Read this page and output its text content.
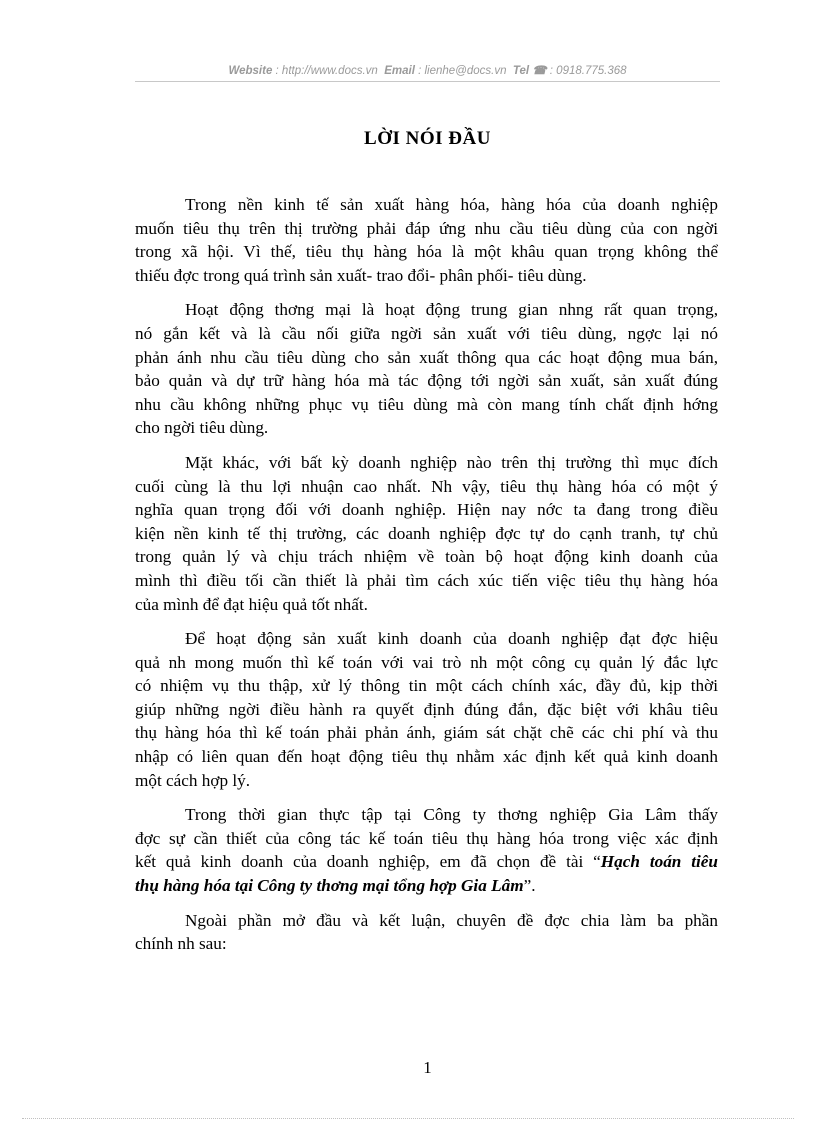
Website : http://www.docs.vn Email : lienhe@docs.vn Tel ☎ : 0918.775.368
LỜI NÓI ĐẦU
Trong nền kinh tế sản xuất hàng hóa, hàng hóa của doanh nghiệp
muốn tiêu thụ trên thị trường phải đáp ứng nhu cầu tiêu dùng của con ngời
trong xã hội. Vì thế, tiêu thụ hàng hóa là một khâu quan trọng không thể
thiếu đợc trong quá trình sản xuất- trao đổi- phân phối- tiêu dùng.
Hoạt động thơng mại là hoạt động trung gian nhng rất quan trọng,
nó gắn kết và là cầu nối giữa ngời sản xuất với tiêu dùng, ngợc lại nó
phản ánh nhu cầu tiêu dùng cho sản xuất thông qua các hoạt động mua bán,
bảo quản và dự trữ hàng hóa mà tác động tới ngời sản xuất, sản xuất đúng
nhu cầu không những phục vụ tiêu dùng mà còn mang tính chất định hớng
cho ngời tiêu dùng.
Mặt khác, với bất kỳ doanh nghiệp nào trên thị trường thì mục đích
cuối cùng là thu lợi nhuận cao nhất. Nh vậy, tiêu thụ hàng hóa có một ý
nghĩa quan trọng đối với doanh nghiệp. Hiện nay nớc ta đang trong điều
kiện nền kinh tế thị trường, các doanh nghiệp đợc tự do cạnh tranh, tự chủ
trong quản lý và chịu trách nhiệm về toàn bộ hoạt động kinh doanh của
mình thì điều tối cần thiết là phải tìm cách xúc tiến việc tiêu thụ hàng hóa
của mình để đạt hiệu quả tốt nhất.
Để hoạt động sản xuất kinh doanh của doanh nghiệp đạt đợc hiệu
quả nh mong muốn thì kế toán với vai trò nh một công cụ quản lý đắc lực
có nhiệm vụ thu thập, xử lý thông tin một cách chính xác, đầy đủ, kịp thời
giúp những ngời điều hành ra quyết định đúng đắn, đặc biệt với khâu tiêu
thụ hàng hóa thì kế toán phải phản ánh, giám sát chặt chẽ các chi phí và thu
nhập có liên quan đến hoạt động tiêu thụ nhằm xác định kết quả kinh doanh
một cách hợp lý.
Trong thời gian thực tập tại Công ty thơng nghiệp Gia Lâm thấy
đợc sự cần thiết của công tác kế toán tiêu thụ hàng hóa trong việc xác định
kết quả kinh doanh của doanh nghiệp, em đã chọn đề tài “Hạch toán tiêu
thụ hàng hóa tại Công ty thơng mại tổng hợp Gia Lâm”.
Ngoài phần mở đầu và kết luận, chuyên đề đợc chia làm ba phần
chính nh sau:
1
